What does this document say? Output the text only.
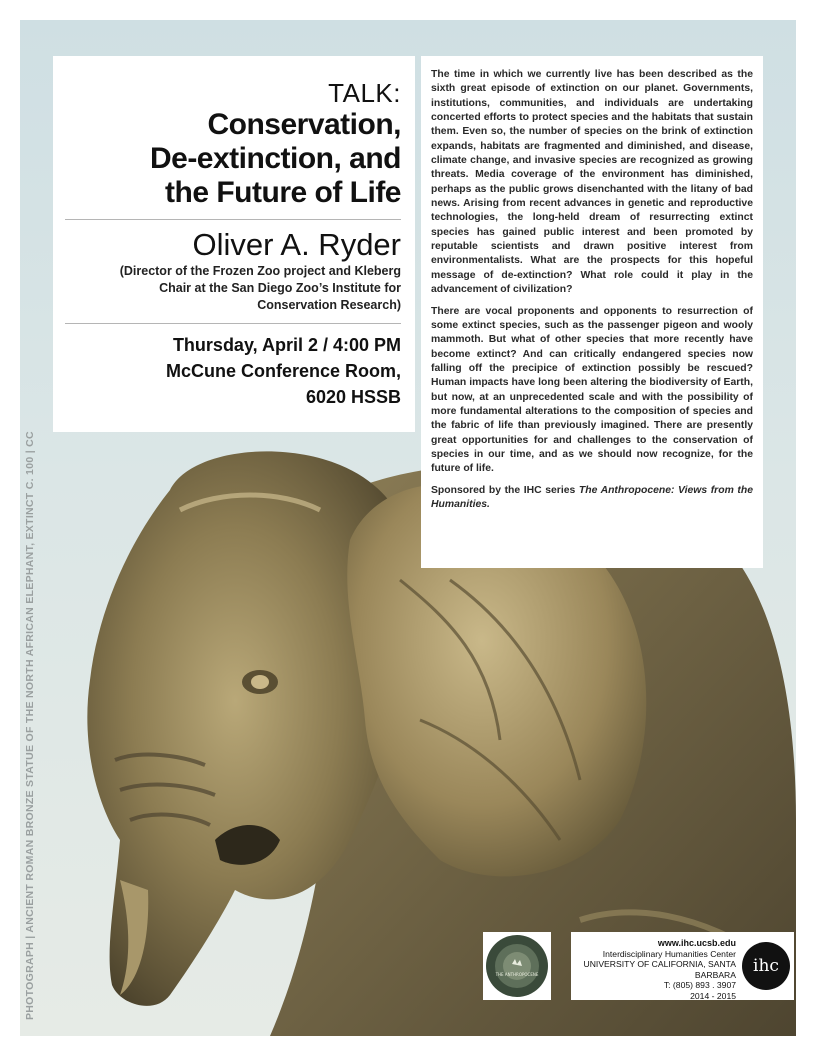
TALK:
Conservation,
De-extinction, and
the Future of Life
Oliver A. Ryder
(Director of the Frozen Zoo project and Kleberg
Chair at the San Diego Zoo’s Institute for
Conservation Research)
Thursday, April 2 / 4:00 PM
McCune Conference Room,
6020 HSSB

The time in which we currently live has been described as the sixth great episode of extinction on our planet. Governments, institutions, communities, and individuals are undertaking concerted efforts to protect species and the habitats that sustain them. Even so, the number of species on the brink of extinction expands, habitats are fragmented and diminished, and disease, climate change, and invasive species are recognized as growing threats. Media coverage of the environment has diminished, perhaps as the public grows disenchanted with the litany of bad news. Arising from recent advances in genetic and reproductive technologies, the long-held dream of resurrecting extinct species has gained public interest and been promoted by reputable scientists and drawn positive interest from environmentalists. What are the prospects for this hopeful message of de-extinction? What role could it play in the advancement of civilization?

There are vocal proponents and opponents to resurrection of some extinct species, such as the passenger pigeon and wooly mammoth. But what of other species that more recently have become extinct? And can critically endangered species now falling off the precipice of extinction possibly be rescued? Human impacts have long been altering the biodiversity of Earth, but now, at an unprecedented scale and with the possibility of more fundamental alterations to the composition of species and the fabric of life than previously imagined. There are presently great opportunities for and challenges to the conservation of species in our time, and as we should now recognize, for the future of life.

Sponsored by the IHC series The Anthropocene: Views from the Humanities.

PHOTOGRAPH | ANCIENT ROMAN BRONZE STATUE OF THE NORTH AFRICAN ELEPHANT, EXTINCT C. 100 | CC	THE ANTHROPOCENE
www.ihc.ucsb.edu
Interdisciplinary Humanities Center
UNIVERSITY OF CALIFORNIA, SANTA BARBARA
T: (805) 893 . 3907
2014 - 2015
ihc
